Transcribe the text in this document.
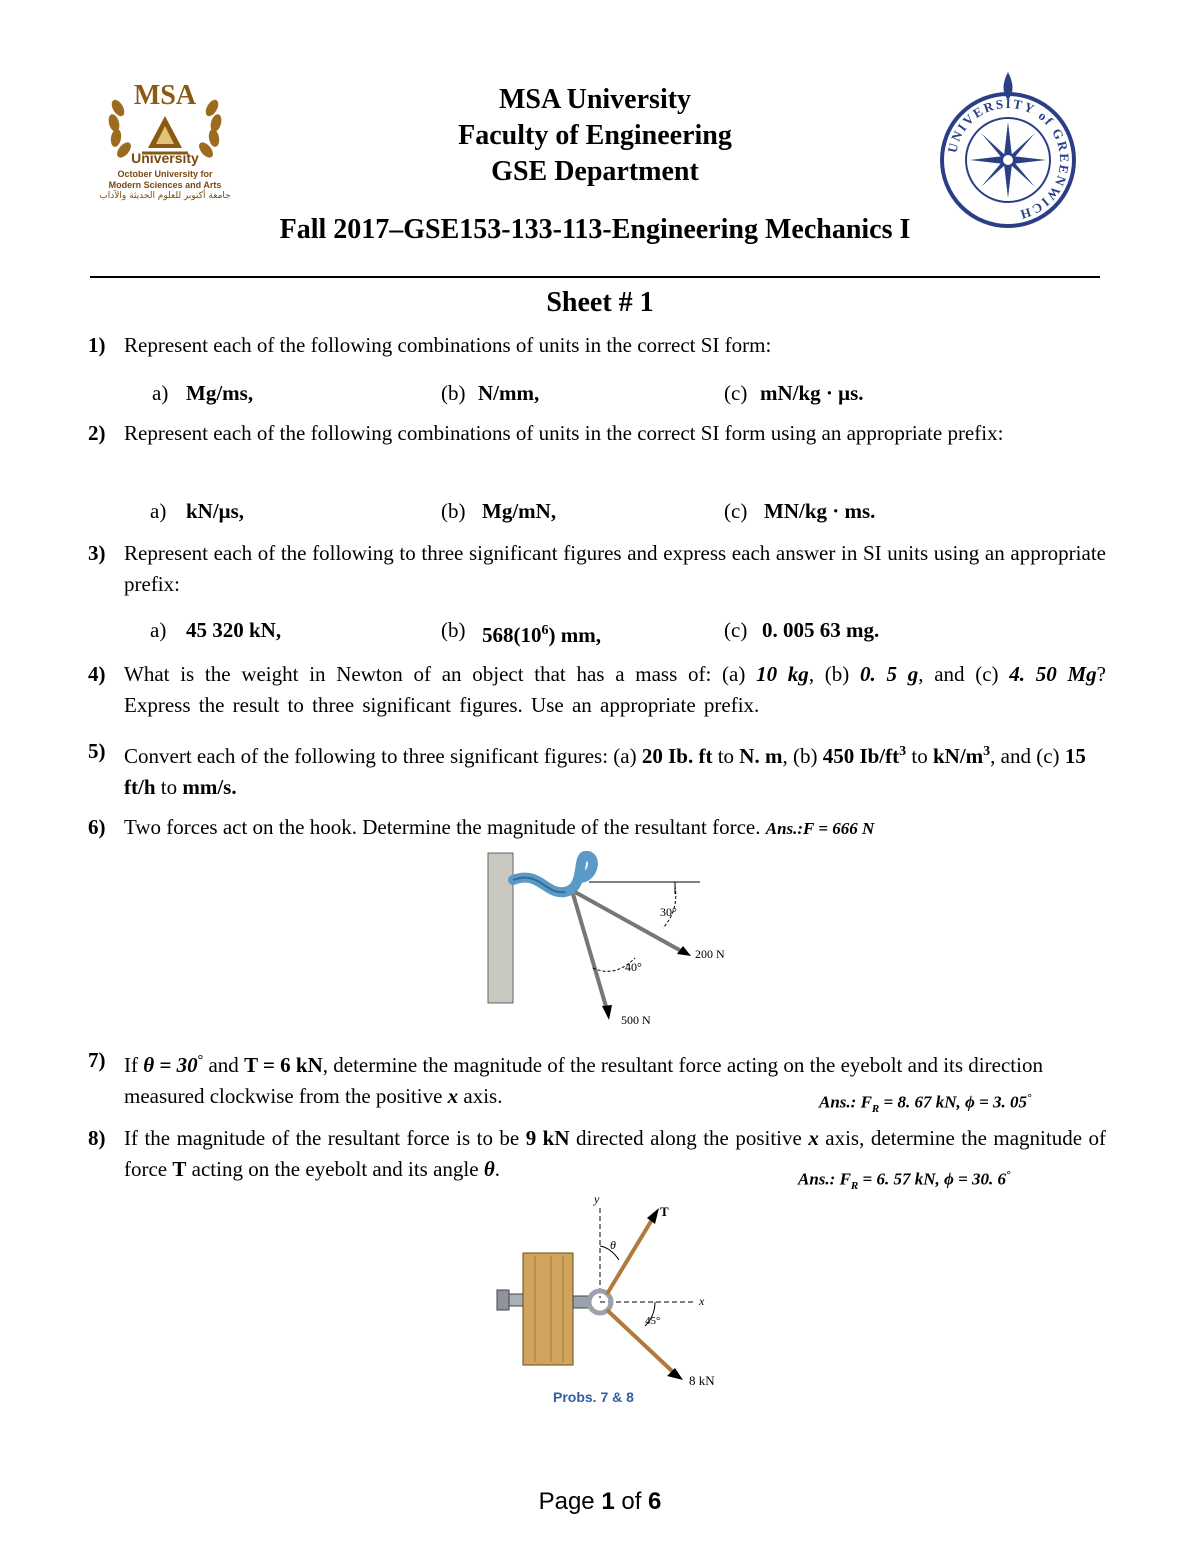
MSA
University
October University for
Modern Sciences and Arts
جامعة أكتوبر للعلوم الحديثة والآداب
MSA University
Faculty of Engineering
GSE Department
Fall 2017–GSE153-133-113-Engineering Mechanics I
UNIVERSITY of GREENWICH
Sheet # 1
1) Represent each of the following combinations of units in the correct SI form:
a) Mg/ms,	(b) N/mm,	(c) mN/kg · μs.
2) Represent each of the following combinations of units in the correct SI form using an appropriate prefix:
a) kN/μs,	(b) Mg/mN,	(c) MN/kg · ms.
3) Represent each of the following to three significant figures and express each answer in SI units using an appropriate prefix:
a) 45 320 kN,	(b) $568(10^6)$ mm,	(c) 0. 005 63 mg.
4) What is the weight in Newton of an object that has a mass of: (a) 10 kg, (b) 0. 5 g, and (c) 4. 50 Mg? Express the result to three significant figures. Use an appropriate prefix.
5) Convert each of the following to three significant figures: (a) 20 Ib. ft to N. m, (b) 450 $Ib/ft^3$ to $kN/m^3$, and (c) 15 ft/h to mm/s.
6) Two forces act on the hook. Determine the magnitude of the resultant force. Ans.:F = 666 N
30°
40°
200 N
500 N
7) If θ = 30° and T = 6 kN, determine the magnitude of the resultant force acting on the eyebolt and its direction measured clockwise from the positive x axis.	Ans.: $F_R = 8$. 67 kN, ϕ = 3. 05°
8) If the magnitude of the resultant force is to be 9 kN directed along the positive x axis, determine the magnitude of force T acting on the eyebolt and its angle θ.	Ans.: $F_R = 6$. 57 kN, ϕ = 30. 6°
y
x
T
θ
45°
8 kN
Probs. 7 & 8
Page 1 of 6
